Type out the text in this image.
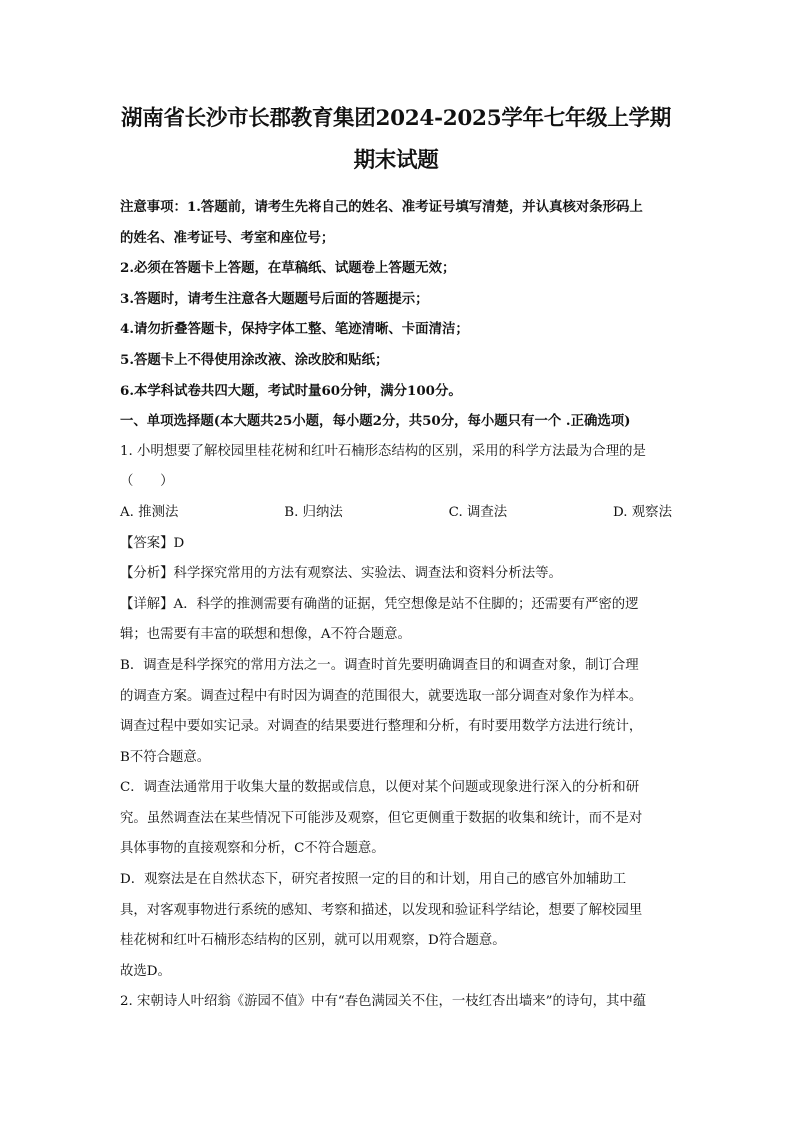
湖南省长沙市长郡教育集团2024-2025学年七年级上学期
期末试题

注意事项：1.答题前，请考生先将自己的姓名、准考证号填写清楚，并认真核对条形码上

的姓名、准考证号、考室和座位号；

2.必须在答题卡上答题，在草稿纸、试题卷上答题无效；

3.答题时，请考生注意各大题题号后面的答题提示；

4.请勿折叠答题卡，保持字体工整、笔迹清晰、卡面清洁；

5.答题卡上不得使用涂改液、涂改胶和贴纸；

6.本学科试卷共四大题，考试时量60分钟，满分100分。

一、单项选择题(本大题共25小题，每小题2分，共50分，每小题只有一个 .正确选项)

1. 小明想要了解校园里桂花树和红叶石楠形态结构的区别，采用的科学方法最为合理的是

（　　）

A. 推测法	B. 归纳法	C. 调查法	D. 观察法

【答案】D

【分析】科学探究常用的方法有观察法、实验法、调查法和资料分析法等。

【详解】A．科学的推测需要有确凿的证据，凭空想像是站不住脚的；还需要有严密的逻

辑；也需要有丰富的联想和想像，A不符合题意。

B．调查是科学探究的常用方法之一。调查时首先要明确调查目的和调查对象，制订合理

的调查方案。调查过程中有时因为调查的范围很大，就要选取一部分调查对象作为样本。

调查过程中要如实记录。对调查的结果要进行整理和分析，有时要用数学方法进行统计，

B不符合题意。

C．调查法通常用于收集大量的数据或信息，以便对某个问题或现象进行深入的分析和研

究。虽然调查法在某些情况下可能涉及观察，但它更侧重于数据的收集和统计，而不是对

具体事物的直接观察和分析，C不符合题意。

D．观察法是在自然状态下，研究者按照一定的目的和计划，用自己的感官外加辅助工

具，对客观事物进行系统的感知、考察和描述，以发现和验证科学结论，想要了解校园里

桂花树和红叶石楠形态结构的区别，就可以用观察，D符合题意。

故选D。

2. 宋朝诗人叶绍翁《游园不值》中有“春色满园关不住，一枝红杏出墙来”的诗句，其中蕴
